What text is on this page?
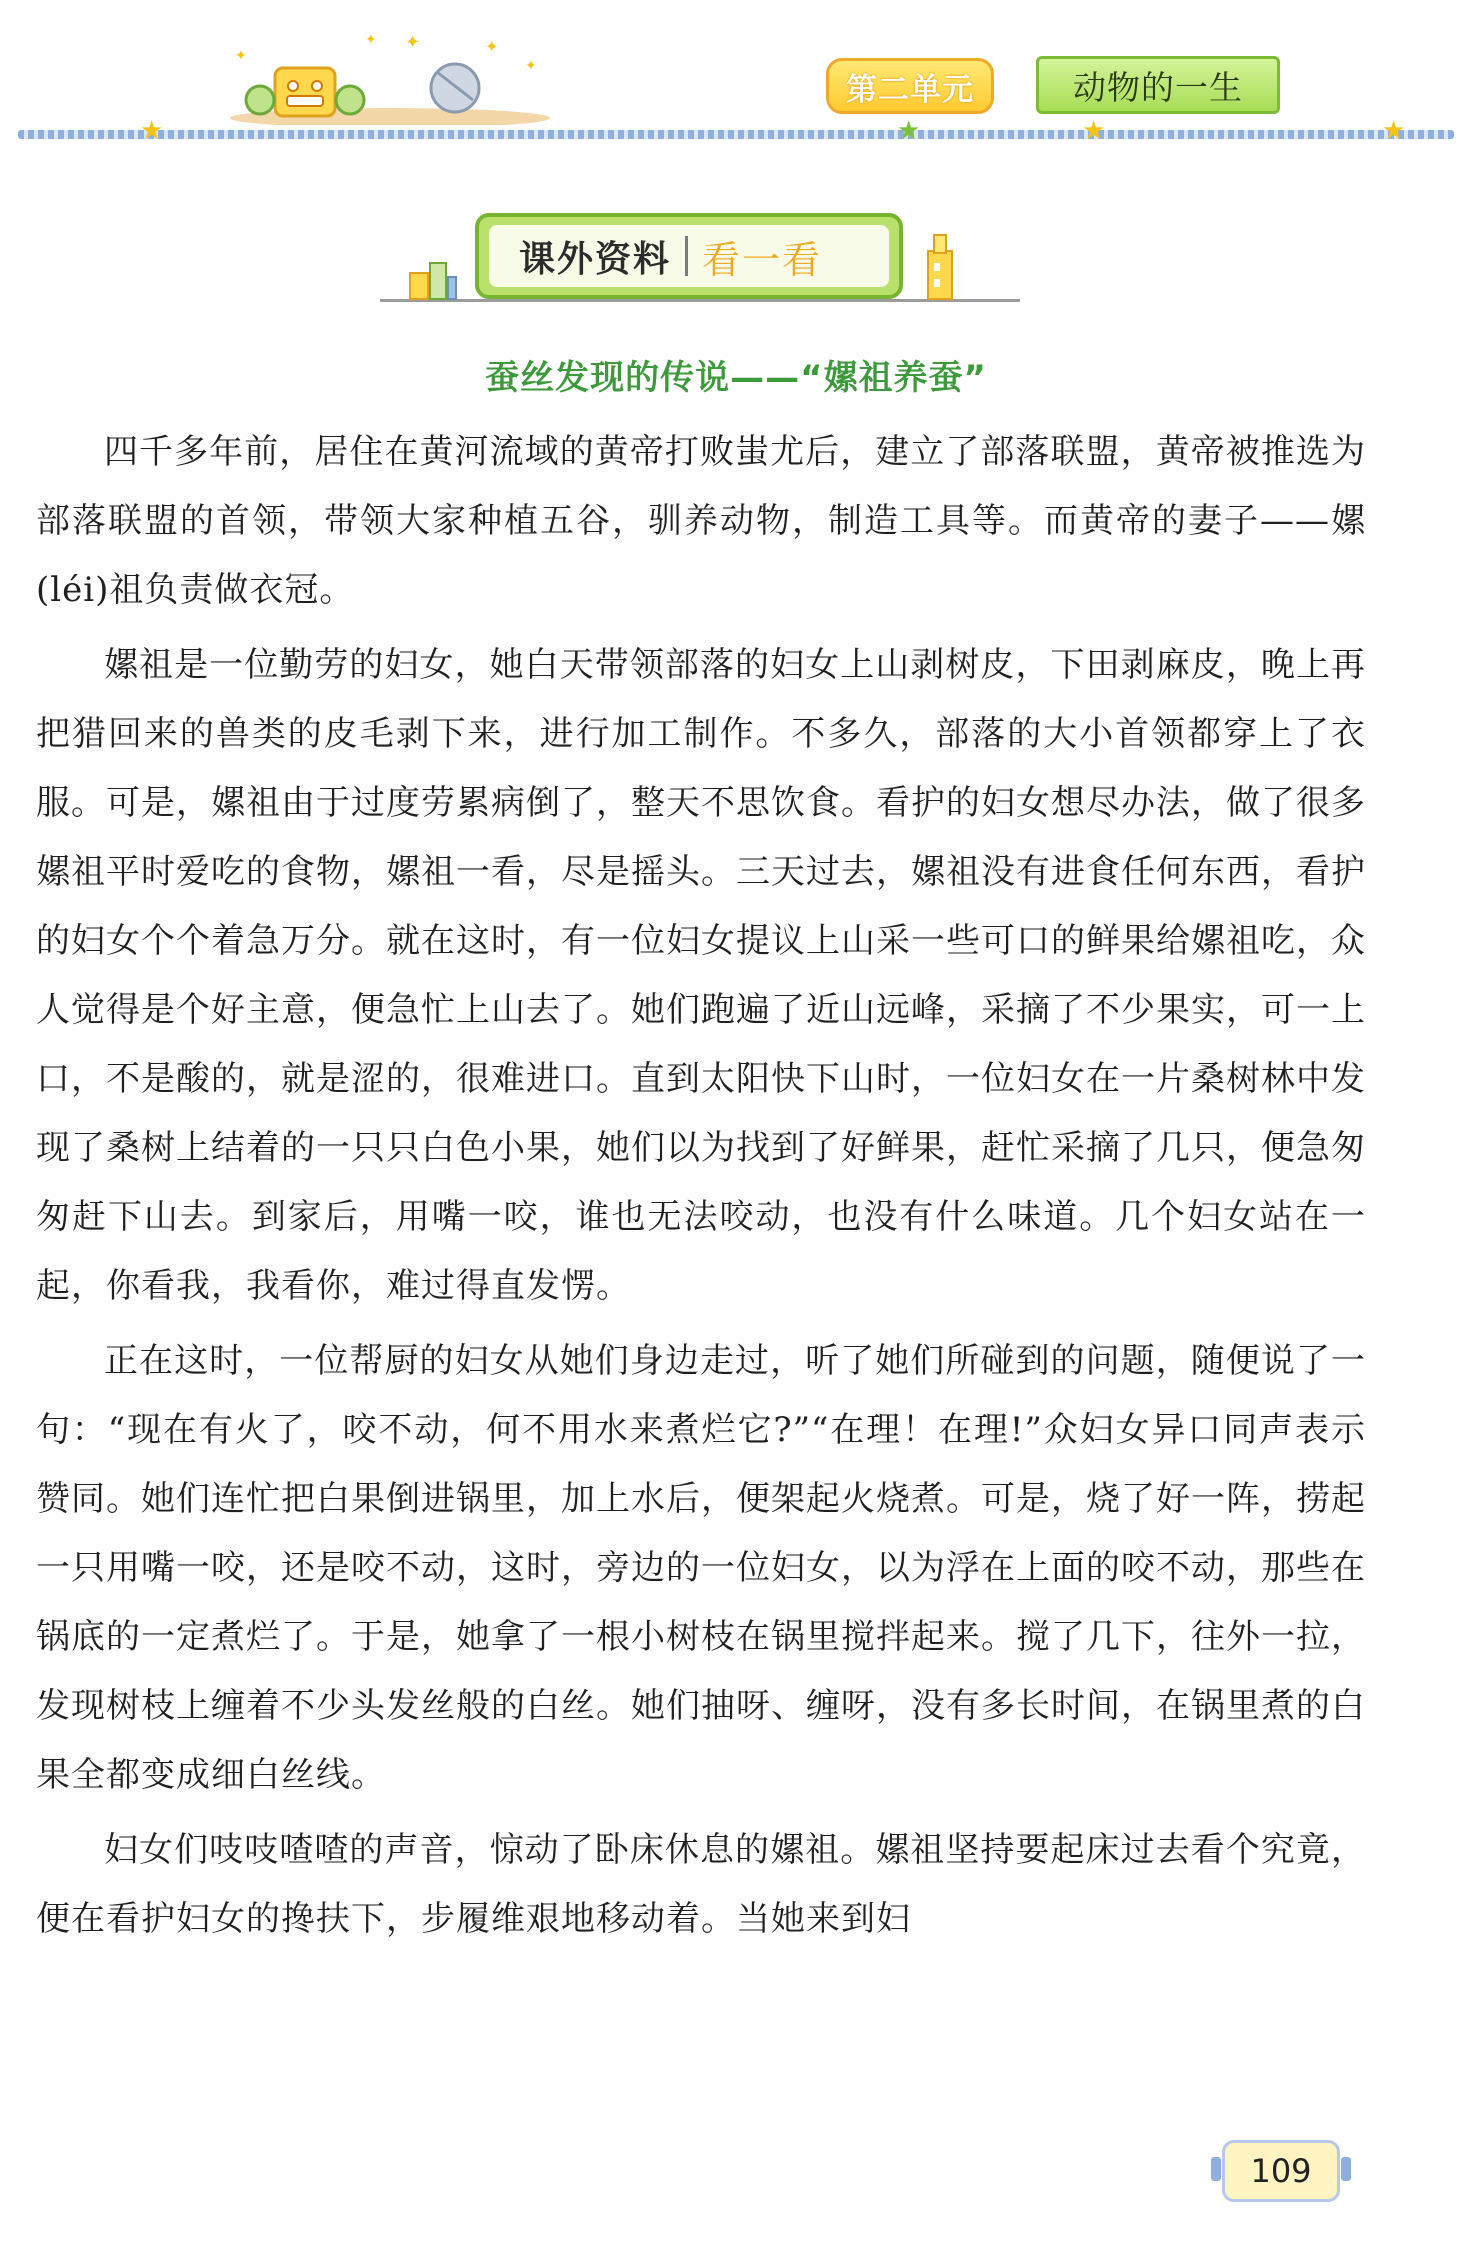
✦
✦	✦
✦
✦
第二单元	动物的一生
★	★	★	★
课外资料 看一看
蚕丝发现的传说——“嫘祖养蚕”

四千多年前，居住在黄河流域的黄帝打败蚩尤后，建立了部落联盟，黄帝被推选为部落联盟的首领，带领大家种植五谷，驯养动物，制造工具等。而黄帝的妻子——嫘(léi)祖负责做衣冠。

嫘祖是一位勤劳的妇女，她白天带领部落的妇女上山剥树皮，下田剥麻皮，晚上再把猎回来的兽类的皮毛剥下来，进行加工制作。不多久，部落的大小首领都穿上了衣服。可是，嫘祖由于过度劳累病倒了，整天不思饮食。看护的妇女想尽办法，做了很多嫘祖平时爱吃的食物，嫘祖一看，尽是摇头。三天过去，嫘祖没有进食任何东西，看护的妇女个个着急万分。就在这时，有一位妇女提议上山采一些可口的鲜果给嫘祖吃，众人觉得是个好主意，便急忙上山去了。她们跑遍了近山远峰，采摘了不少果实，可一上口，不是酸的，就是涩的，很难进口。直到太阳快下山时，一位妇女在一片桑树林中发现了桑树上结着的一只只白色小果，她们以为找到了好鲜果，赶忙采摘了几只，便急匆匆赶下山去。到家后，用嘴一咬，谁也无法咬动，也没有什么味道。几个妇女站在一起，你看我，我看你，难过得直发愣。

正在这时，一位帮厨的妇女从她们身边走过，听了她们所碰到的问题，随便说了一句：“现在有火了，咬不动，何不用水来煮烂它?”“在理！在理!”众妇女异口同声表示赞同。她们连忙把白果倒进锅里，加上水后，便架起火烧煮。可是，烧了好一阵，捞起一只用嘴一咬，还是咬不动，这时，旁边的一位妇女，以为浮在上面的咬不动，那些在锅底的一定煮烂了。于是，她拿了一根小树枝在锅里搅拌起来。搅了几下，往外一拉，发现树枝上缠着不少头发丝般的白丝。她们抽呀、缠呀，没有多长时间，在锅里煮的白果全都变成细白丝线。

妇女们吱吱喳喳的声音，惊动了卧床休息的嫘祖。嫘祖坚持要起床过去看个究竟，便在看护妇女的搀扶下，步履维艰地移动着。当她来到妇

109
